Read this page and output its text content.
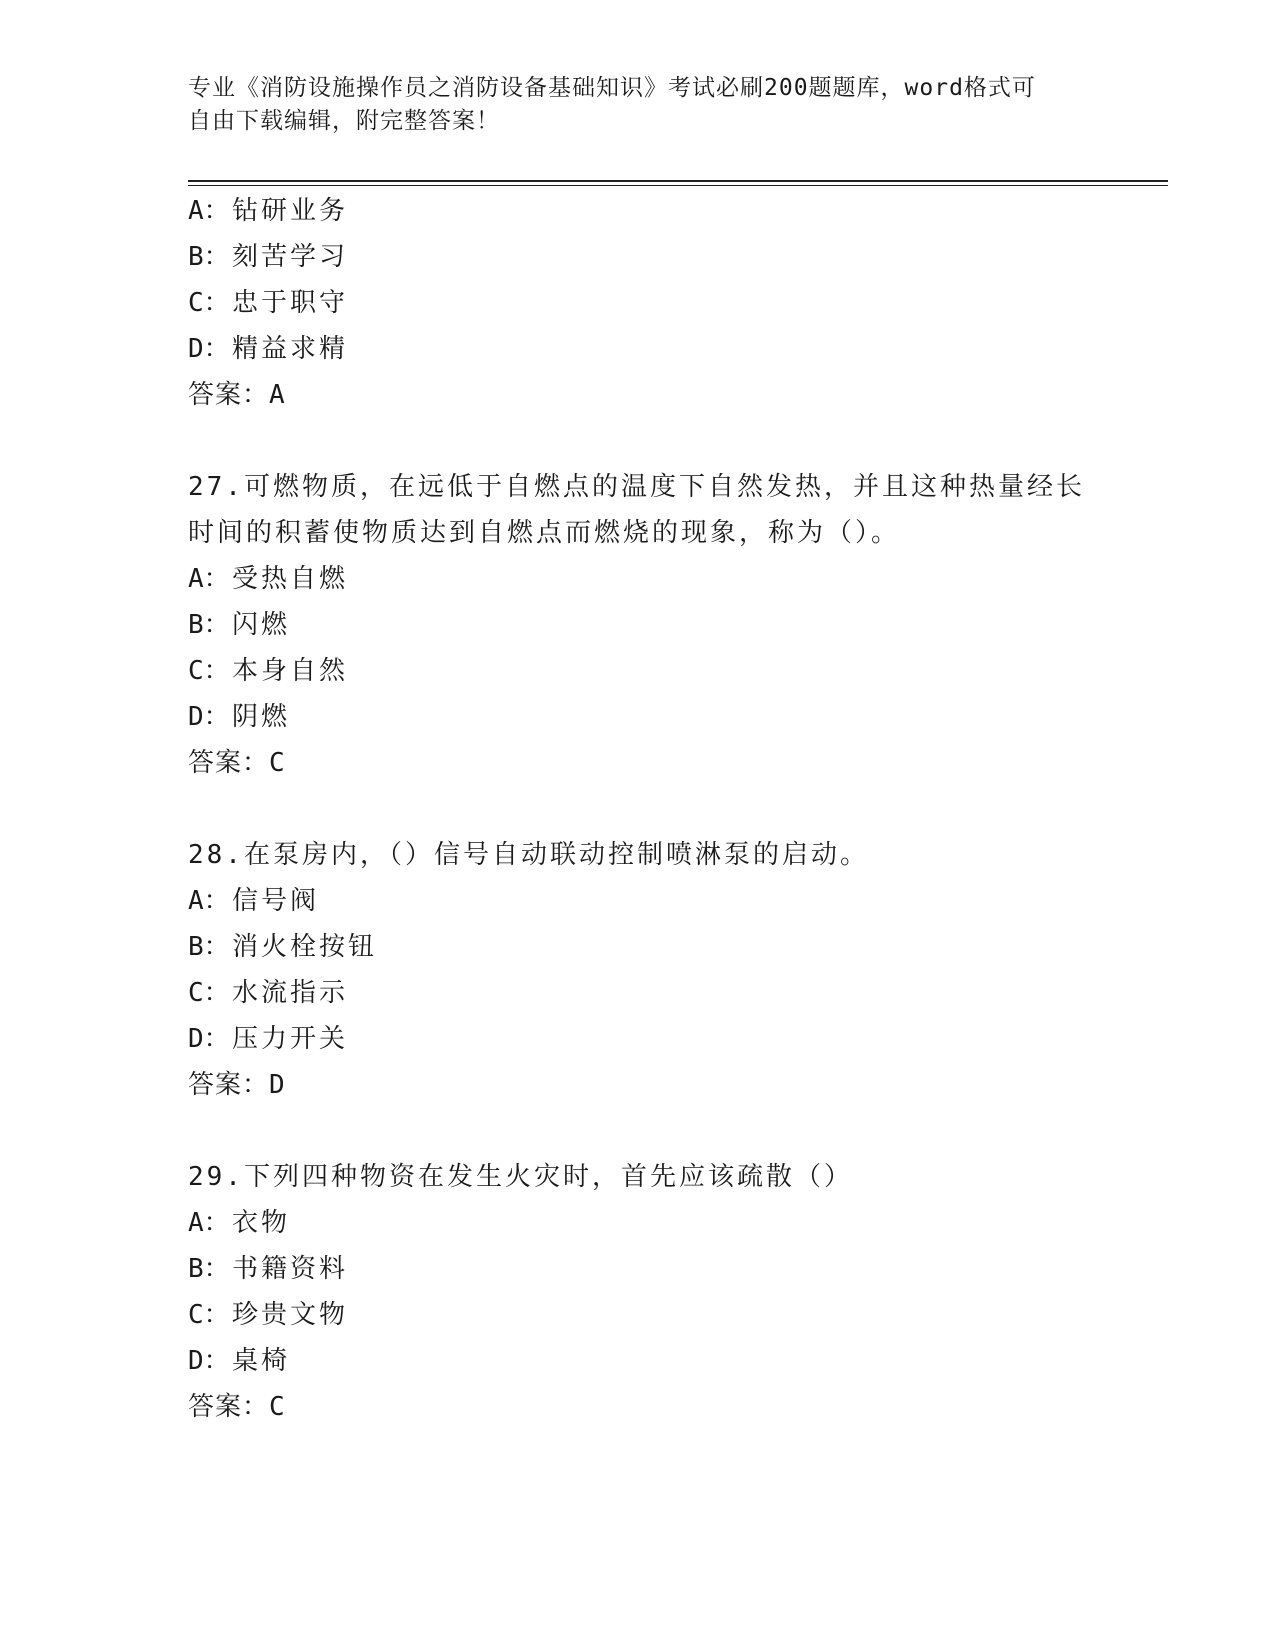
专业《消防设施操作员之消防设备基础知识》考试必刷200题题库，word格式可
自由下载编辑，附完整答案！
A：钻研业务
B：刻苦学习
C：忠于职守
D：精益求精
答案：A
27.可燃物质，在远低于自燃点的温度下自然发热，并且这种热量经长
时间的积蓄使物质达到自燃点而燃烧的现象，称为（）。
A：受热自燃
B：闪燃
C：本身自然
D：阴燃
答案：C
28.在泵房内，（）信号自动联动控制喷淋泵的启动。
A：信号阀
B：消火栓按钮
C：水流指示
D：压力开关
答案：D
29.下列四种物资在发生火灾时，首先应该疏散（）
A：衣物
B：书籍资料
C：珍贵文物
D：桌椅
答案：C
